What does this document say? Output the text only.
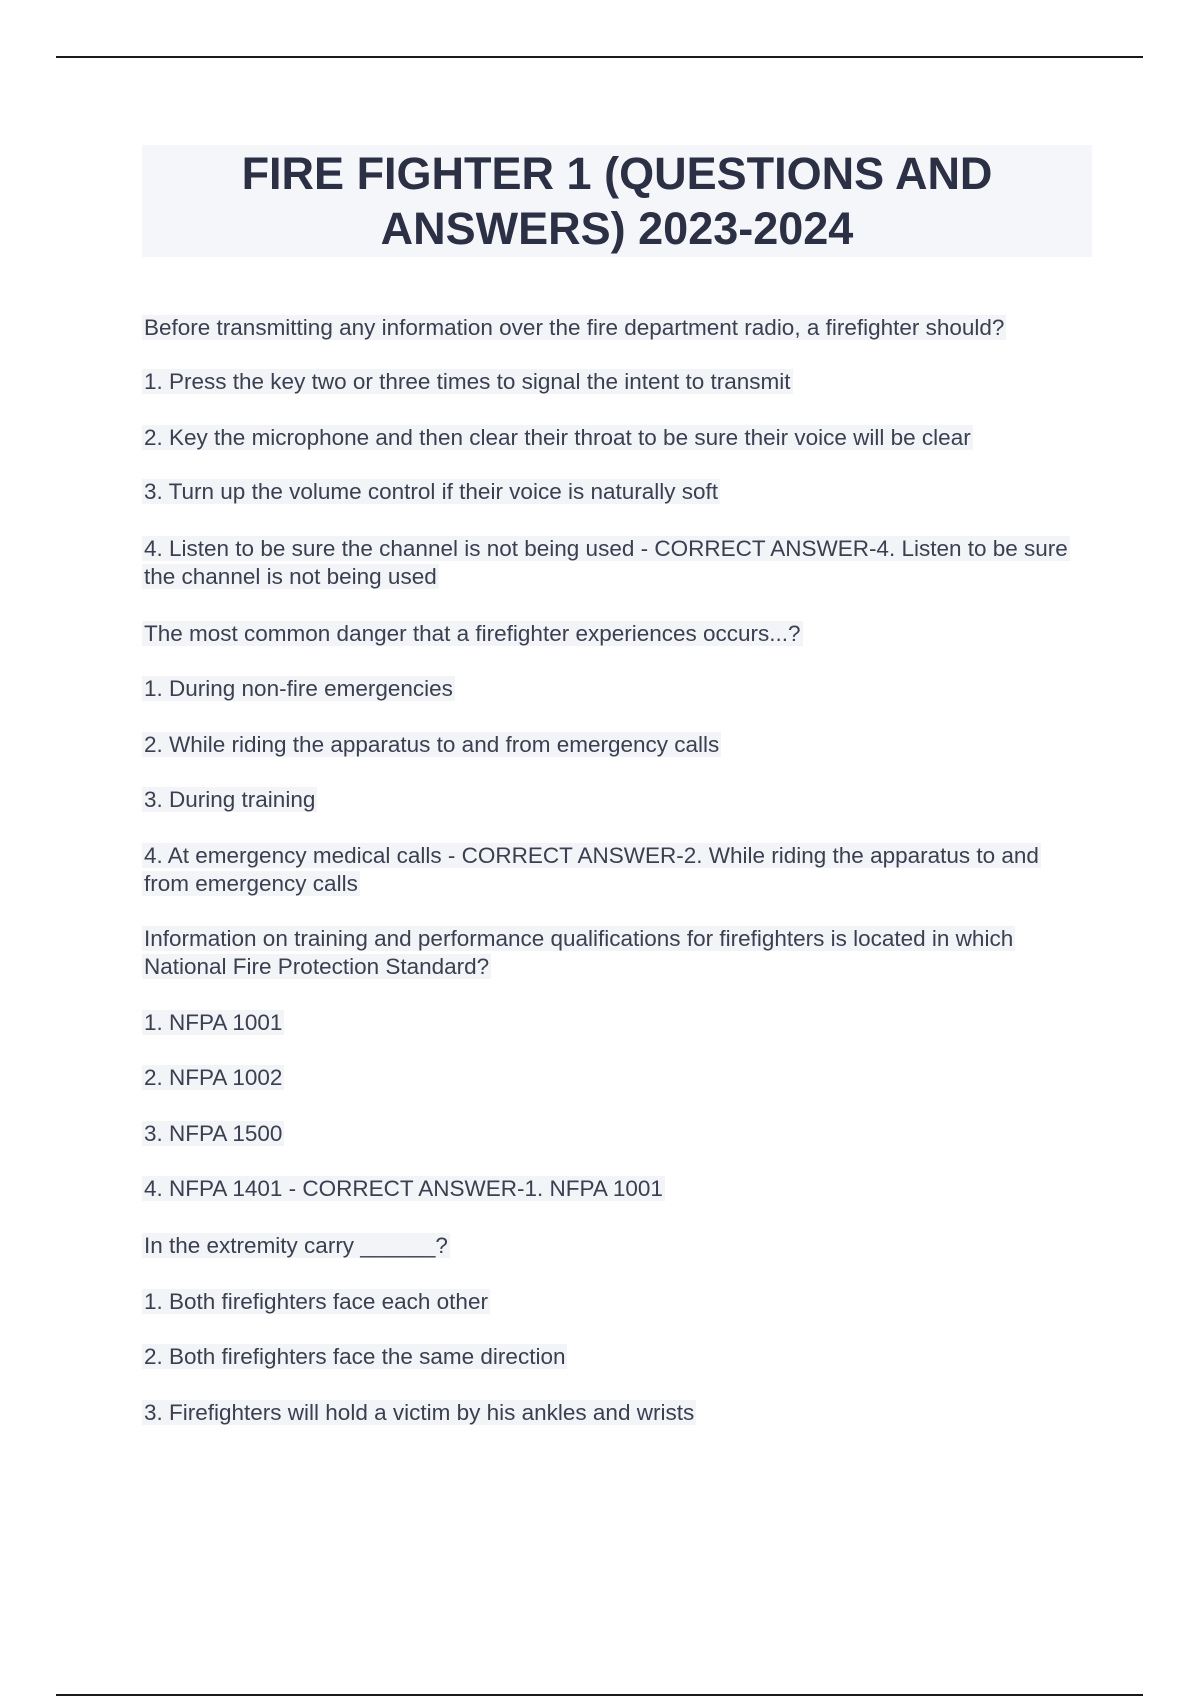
FIRE FIGHTER 1 (QUESTIONS AND ANSWERS) 2023-2024

Before transmitting any information over the fire department radio, a firefighter should?

1. Press the key two or three times to signal the intent to transmit

2. Key the microphone and then clear their throat to be sure their voice will be clear

3. Turn up the volume control if their voice is naturally soft

4. Listen to be sure the channel is not being used - CORRECT ANSWER-4. Listen to be sure the channel is not being used

The most common danger that a firefighter experiences occurs...?

1. During non-fire emergencies

2. While riding the apparatus to and from emergency calls

3. During training

4. At emergency medical calls - CORRECT ANSWER-2. While riding the apparatus to and from emergency calls

Information on training and performance qualifications for firefighters is located in which National Fire Protection Standard?

1. NFPA 1001

2. NFPA 1002

3. NFPA 1500

4. NFPA 1401 - CORRECT ANSWER-1. NFPA 1001

In the extremity carry ______?

1. Both firefighters face each other

2. Both firefighters face the same direction

3. Firefighters will hold a victim by his ankles and wrists
